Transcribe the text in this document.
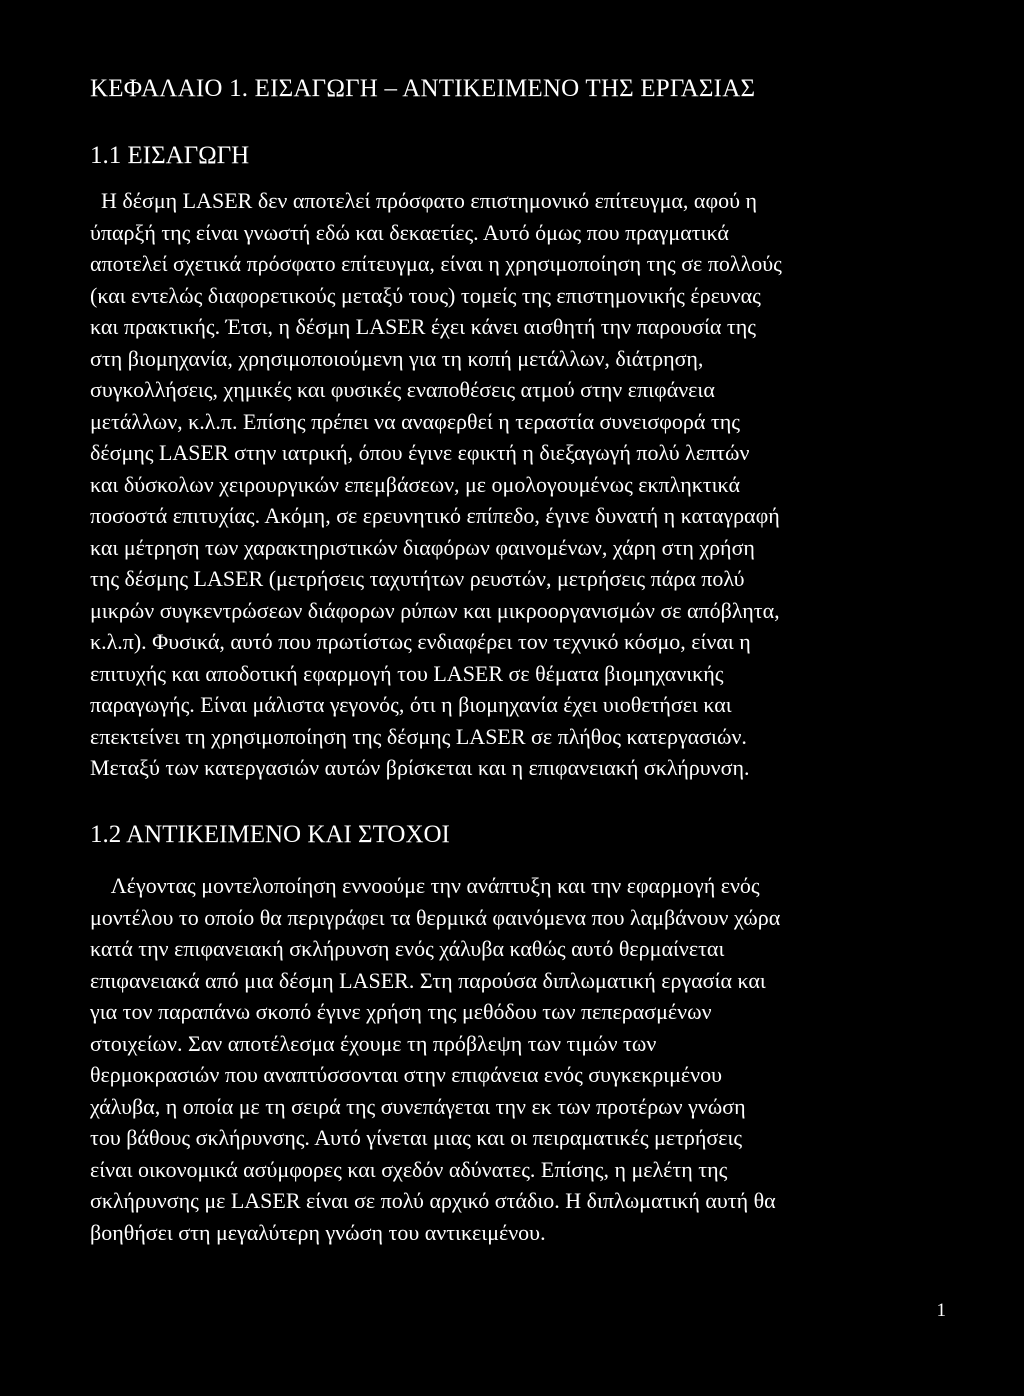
ΚΕΦΑΛΑΙΟ 1. ΕΙΣΑΓΩΓΗ – ΑΝΤΙΚΕΙΜΕΝΟ ΤΗΣ ΕΡΓΑΣΙΑΣ
1.1 ΕΙΣΑΓΩΓΗ
Η δέσμη LASER δεν αποτελεί πρόσφατο επιστημονικό επίτευγμα, αφού η
ύπαρξή της είναι γνωστή εδώ και δεκαετίες. Αυτό όμως που πραγματικά
αποτελεί σχετικά πρόσφατο επίτευγμα, είναι η χρησιμοποίηση της σε πολλούς
(και εντελώς διαφορετικούς μεταξύ τους) τομείς της επιστημονικής έρευνας
και πρακτικής. Έτσι, η δέσμη LASER έχει κάνει αισθητή την παρουσία της
στη βιομηχανία, χρησιμοποιούμενη για τη κοπή μετάλλων, διάτρηση,
συγκολλήσεις, χημικές και φυσικές εναποθέσεις ατμού στην επιφάνεια
μετάλλων, κ.λ.π. Επίσης πρέπει να αναφερθεί η τεραστία συνεισφορά της
δέσμης LASER στην ιατρική, όπου έγινε εφικτή η διεξαγωγή πολύ λεπτών
και δύσκολων χειρουργικών επεμβάσεων, με ομολογουμένως εκπληκτικά
ποσοστά επιτυχίας. Ακόμη, σε ερευνητικό επίπεδο, έγινε δυνατή η καταγραφή
και μέτρηση των χαρακτηριστικών διαφόρων φαινομένων, χάρη στη χρήση
της δέσμης LASER (μετρήσεις ταχυτήτων ρευστών, μετρήσεις πάρα πολύ
μικρών συγκεντρώσεων διάφορων ρύπων και μικροοργανισμών σε απόβλητα,
κ.λ.π). Φυσικά, αυτό που πρωτίστως ενδιαφέρει τον τεχνικό κόσμο, είναι η
επιτυχής και αποδοτική εφαρμογή του LASER σε θέματα βιομηχανικής
παραγωγής. Είναι μάλιστα γεγονός, ότι η βιομηχανία έχει υιοθετήσει και
επεκτείνει τη χρησιμοποίηση της δέσμης LASER σε πλήθος κατεργασιών.
Μεταξύ των κατεργασιών αυτών βρίσκεται και η επιφανειακή σκλήρυνση.
1.2 ΑΝΤΙΚΕΙΜΕΝΟ ΚΑΙ ΣΤΟΧΟΙ
Λέγοντας μοντελοποίηση εννοούμε την ανάπτυξη και την εφαρμογή ενός
μοντέλου το οποίο θα περιγράφει τα θερμικά φαινόμενα που λαμβάνουν χώρα
κατά την επιφανειακή σκλήρυνση ενός χάλυβα καθώς αυτό θερμαίνεται
επιφανειακά από μια δέσμη LASER. Στη παρούσα διπλωματική εργασία και
για τον παραπάνω σκοπό έγινε χρήση της μεθόδου των πεπερασμένων
στοιχείων. Σαν αποτέλεσμα έχουμε τη πρόβλεψη των τιμών των
θερμοκρασιών που αναπτύσσονται στην επιφάνεια ενός συγκεκριμένου
χάλυβα, η οποία με τη σειρά της συνεπάγεται την εκ των προτέρων γνώση
του βάθους σκλήρυνσης. Αυτό γίνεται μιας και οι πειραματικές μετρήσεις
είναι οικονομικά ασύμφορες και σχεδόν αδύνατες. Επίσης, η μελέτη της
σκλήρυνσης με LASER είναι σε πολύ αρχικό στάδιο. Η διπλωματική αυτή θα
βοηθήσει στη μεγαλύτερη γνώση του αντικειμένου.
1
